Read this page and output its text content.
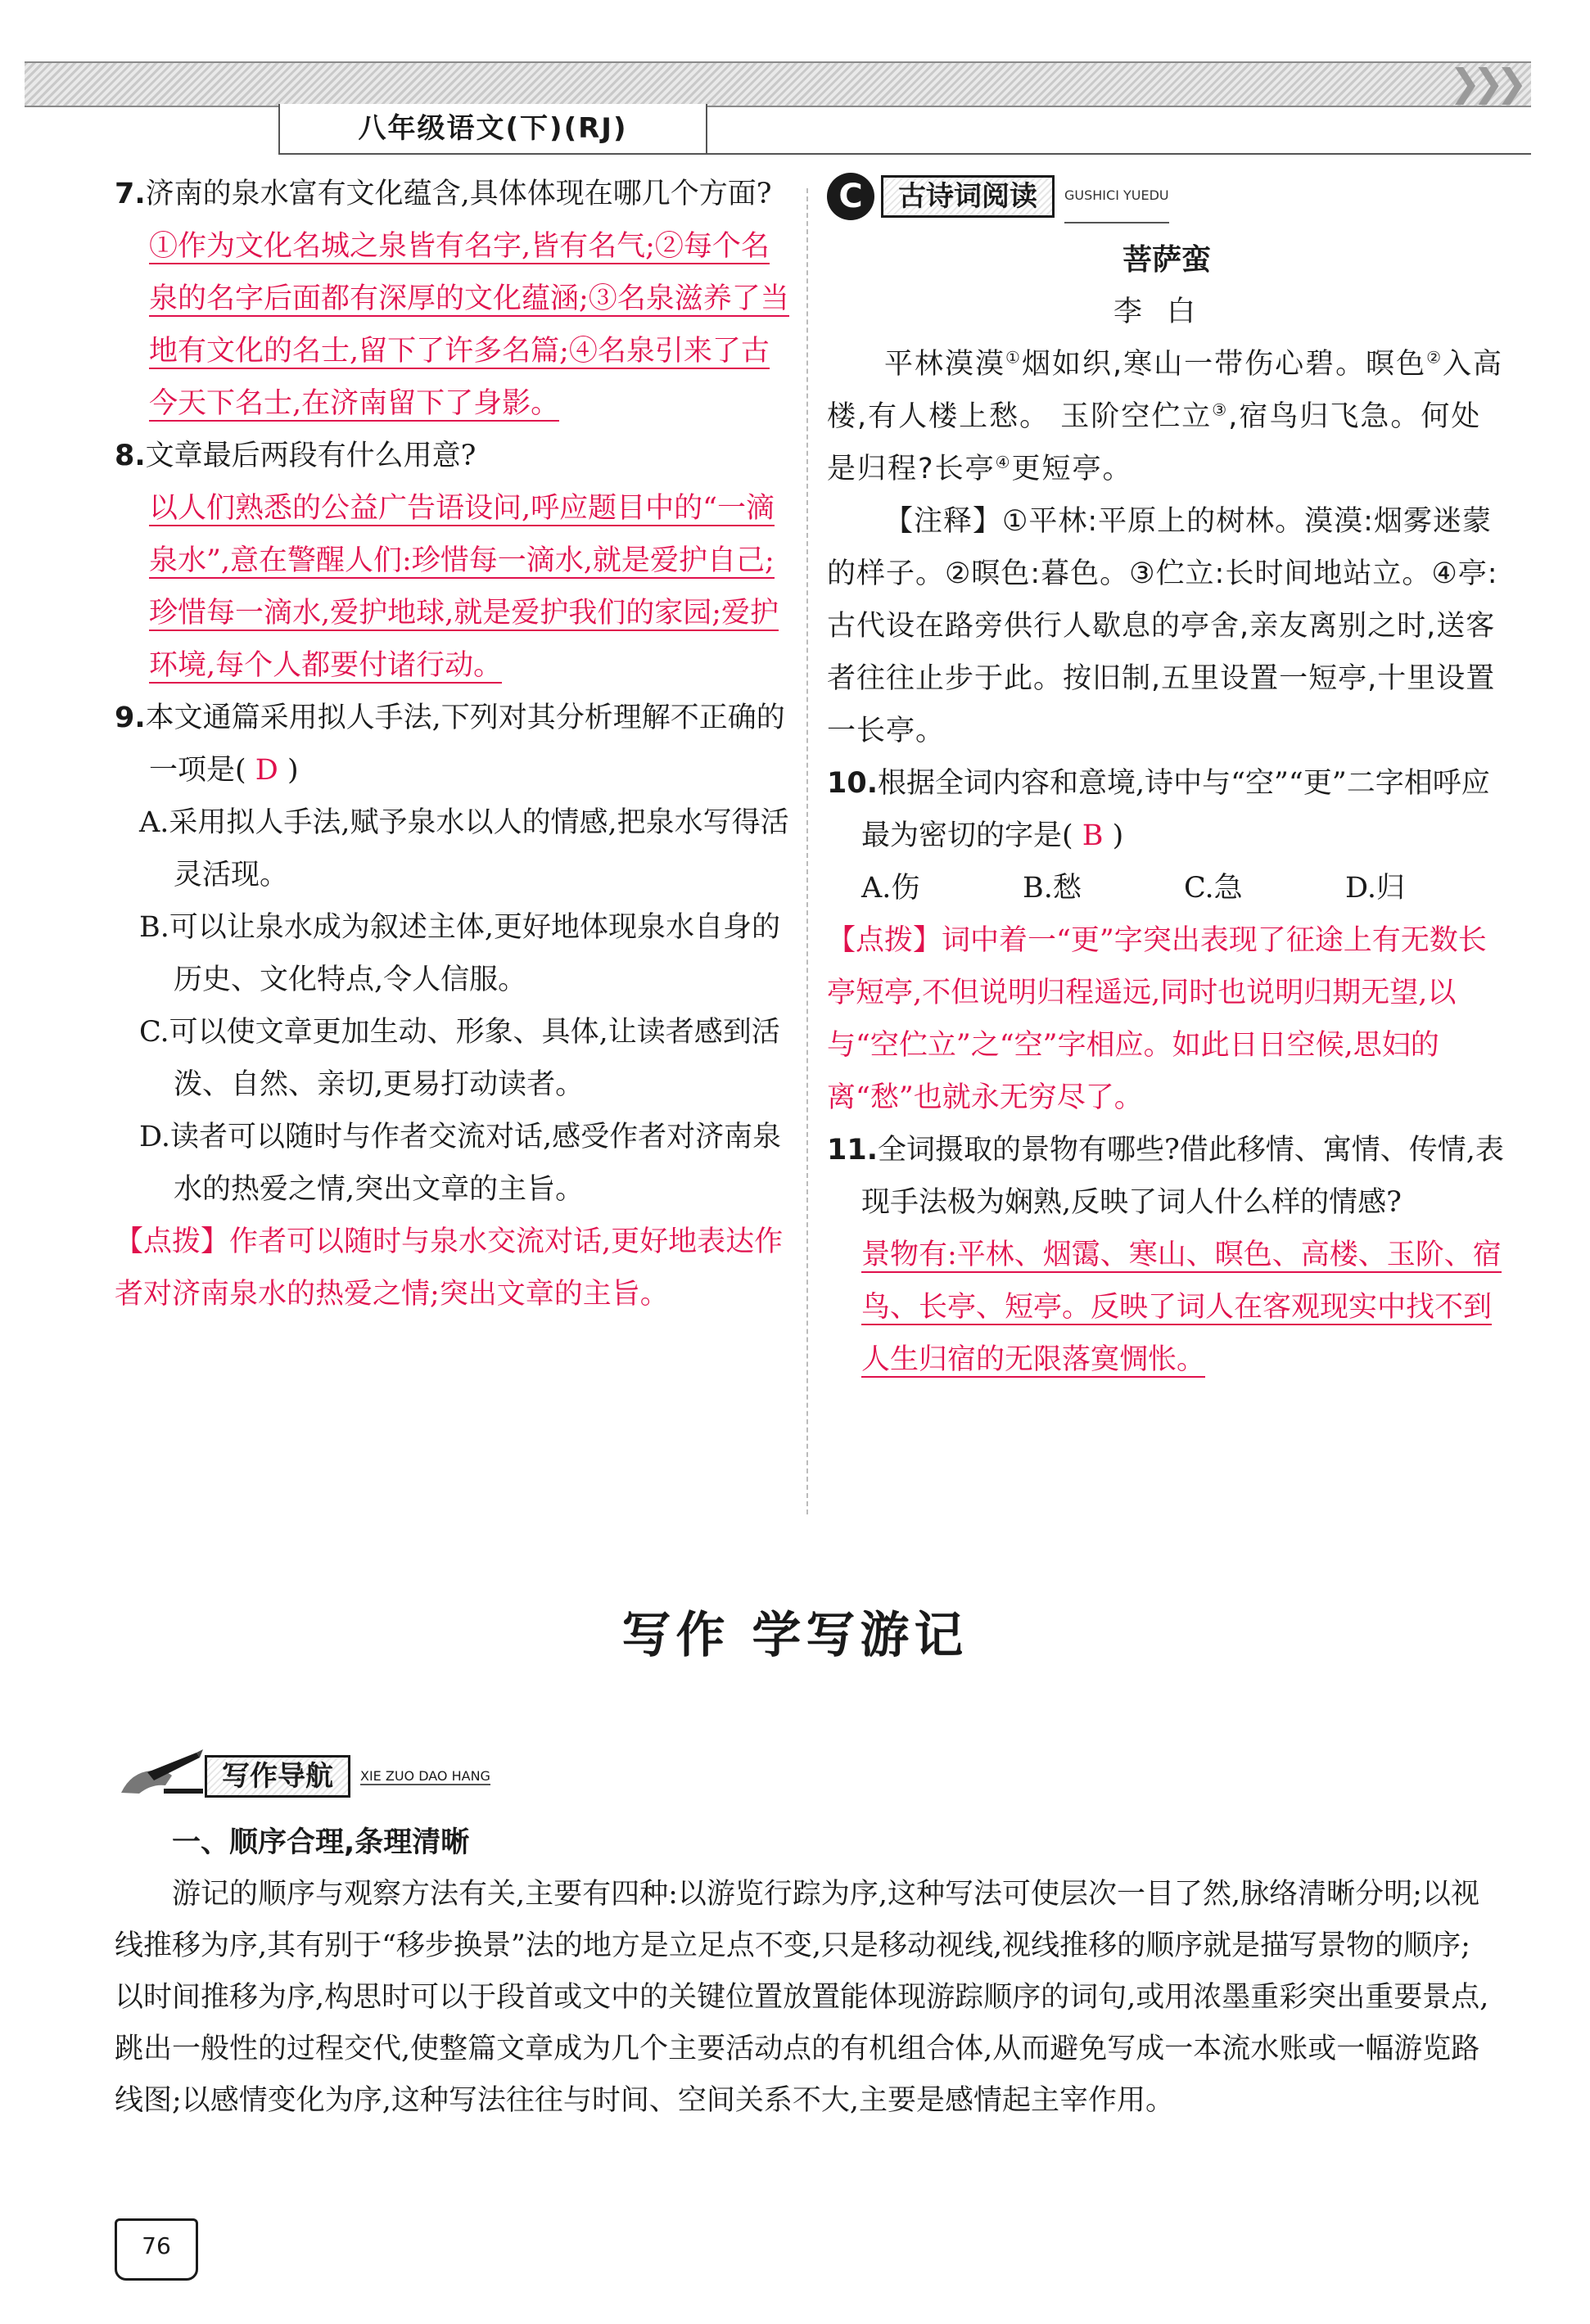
❯❯❯
八年级语文(下)(RJ)

7.济南的泉水富有文化蕴含,具体体现在哪几个方面?

①作为文化名城之泉皆有名字,皆有名气;②每个名泉的名字后面都有深厚的文化蕴涵;③名泉滋养了当地有文化的名士,留下了许多名篇;④名泉引来了古今天下名士,在济南留下了身影。

8.文章最后两段有什么用意?

以人们熟悉的公益广告语设问,呼应题目中的“一滴泉水”,意在警醒人们:珍惜每一滴水,就是爱护自己;珍惜每一滴水,爱护地球,就是爱护我们的家园;爱护环境,每个人都要付诸行动。

9.本文通篇采用拟人手法,下列对其分析理解不正确的一项是( D )

A.采用拟人手法,赋予泉水以人的情感,把泉水写得活灵活现。

B.可以让泉水成为叙述主体,更好地体现泉水自身的历史、文化特点,令人信服。

C.可以使文章更加生动、形象、具体,让读者感到活泼、自然、亲切,更易打动读者。

D.读者可以随时与作者交流对话,感受作者对济南泉水的热爱之情,突出文章的主旨。

【点拨】作者可以随时与泉水交流对话,更好地表达作者对济南泉水的热爱之情;突出文章的主旨。

C	古诗词阅读	GUSHICI YUEDU

菩萨蛮

李白

平林漠漠①烟如织,寒山一带伤心碧。暝色②入高楼,有人楼上愁。 玉阶空伫立③,宿鸟归飞急。何处是归程?长亭④更短亭。

【注释】①平林:平原上的树林。漠漠:烟雾迷蒙的样子。②暝色:暮色。③伫立:长时间地站立。④亭:古代设在路旁供行人歇息的亭舍,亲友离别之时,送客者往往止步于此。按旧制,五里设置一短亭,十里设置一长亭。

10.根据全词内容和意境,诗中与“空”“更”二字相呼应最为密切的字是( B )

A.伤	B.愁	C.急	D.归

【点拨】词中着一“更”字突出表现了征途上有无数长亭短亭,不但说明归程遥远,同时也说明归期无望,以与“空伫立”之“空”字相应。如此日日空候,思妇的离“愁”也就永无穷尽了。

11.全词摄取的景物有哪些?借此移情、寓情、传情,表现手法极为娴熟,反映了词人什么样的情感?

景物有:平林、烟霭、寒山、暝色、高楼、玉阶、宿鸟、长亭、短亭。反映了词人在客观现实中找不到人生归宿的无限落寞惆怅。

写作 学写游记
写作导航	XIE ZUO DAO HANG

一、顺序合理,条理清晰

游记的顺序与观察方法有关,主要有四种:以游览行踪为序,这种写法可使层次一目了然,脉络清晰分明;以视线推移为序,其有别于“移步换景”法的地方是立足点不变,只是移动视线,视线推移的顺序就是描写景物的顺序;以时间推移为序,构思时可以于段首或文中的关键位置放置能体现游踪顺序的词句,或用浓墨重彩突出重要景点,跳出一般性的过程交代,使整篇文章成为几个主要活动点的有机组合体,从而避免写成一本流水账或一幅游览路线图;以感情变化为序,这种写法往往与时间、空间关系不大,主要是感情起主宰作用。

76
